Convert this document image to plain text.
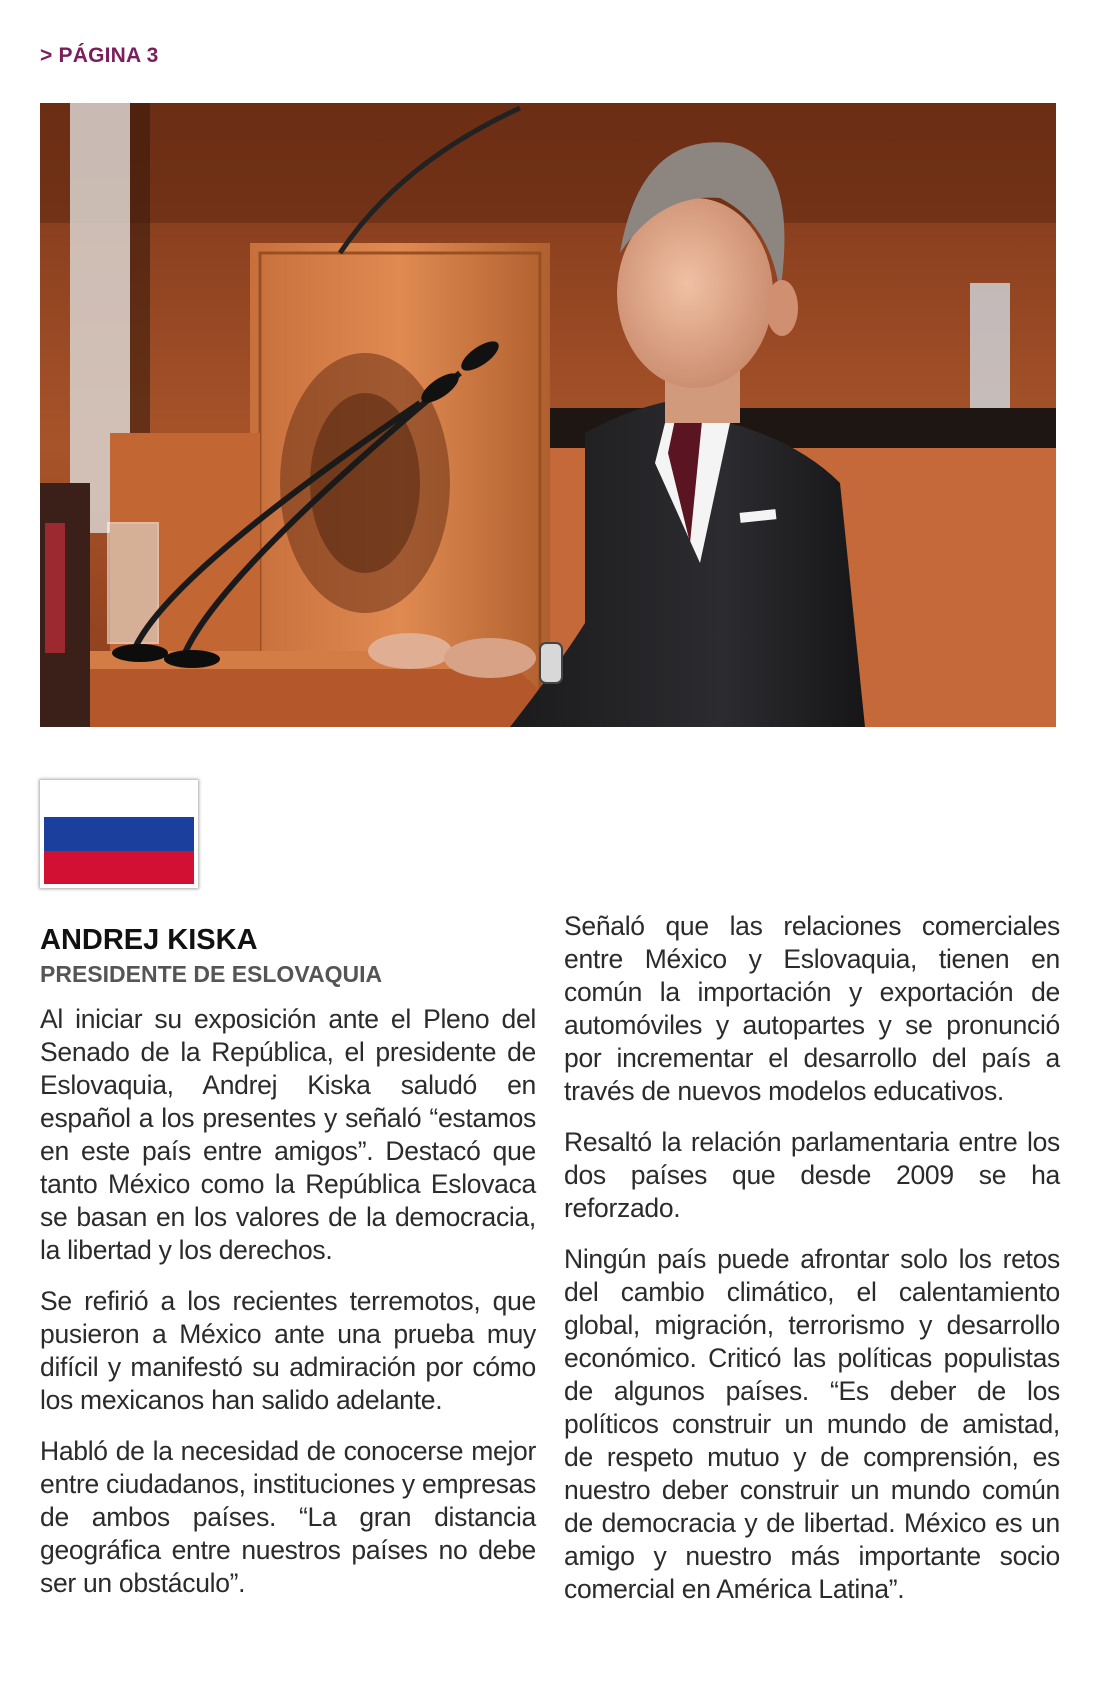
> PÁGINA 3
ANDREJ KISKA
PRESIDENTE DE ESLOVAQUIA

Al iniciar su exposición ante el Pleno del Senado de la República, el presidente de Eslovaquia, Andrej Kiska saludó en español a los presentes y señaló “estamos en este país entre amigos”. Destacó que tanto México como la República Eslovaca se basan en los valores de la democracia, la libertad y los derechos.

Se refirió a los recientes terremotos, que pusieron a México ante una prueba muy difícil y manifestó su admiración por cómo los mexicanos han salido adelante.

Habló de la necesidad de conocerse mejor entre ciudadanos, instituciones y empresas de ambos países. “La gran distancia geográfica entre nuestros países no debe ser un obstáculo”.

Señaló que las relaciones comerciales entre México y Eslovaquia, tienen en común la importación y exportación de automóviles y autopartes y se pronunció por incrementar el desarrollo del país a través de nuevos modelos educativos.

Resaltó la relación parlamentaria entre los dos países que desde 2009 se ha reforzado.

Ningún país puede afrontar solo los retos del cambio climático, el calentamiento global, migración, terrorismo y desarrollo económico. Criticó las políticas populistas de algunos países. “Es deber de los políticos construir un mundo de amistad, de respeto mutuo y de comprensión, es nuestro deber construir un mundo común de democracia y de libertad. México es un amigo y nuestro más importante socio comercial en América Latina”.
